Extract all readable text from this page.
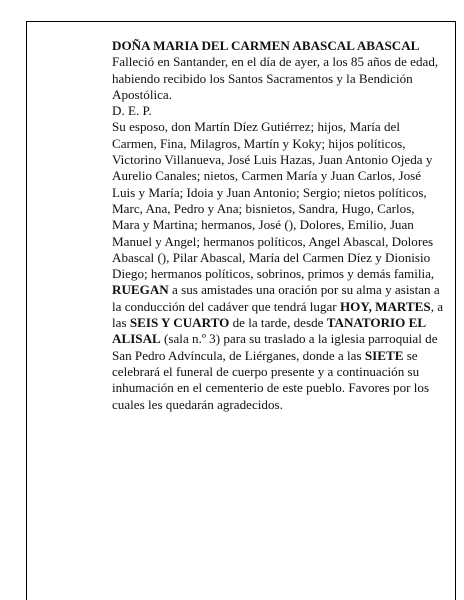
DOÑA MARIA DEL CARMEN ABASCAL ABASCAL

Falleció en Santander, en el día de ayer, a los 85 años de edad,

habiendo recibido los Santos Sacramentos y la Bendición Apostólica.

D. E. P.

Su esposo, don Martín Díez Gutiérrez; hijos, María del Carmen, Fina, Milagros, Martín y Koky; hijos políticos, Victorino Villanueva, José Luis Hazas, Juan Antonio Ojeda y Aurelio Canales; nietos, Carmen María y Juan Carlos, José Luis y María; Idoia y Juan Antonio; Sergio; nietos políticos, Marc, Ana, Pedro y Ana; bisnietos, Sandra, Hugo, Carlos, Mara y Martina; hermanos, José (), Dolores, Emilio, Juan Manuel y Angel; hermanos políticos, Angel Abascal, Dolores Abascal (), Pilar Abascal, María del Carmen Díez y Dionisio Diego; hermanos políticos, sobrinos, primos y demás familia,

RUEGAN a sus amistades una oración por su alma y asistan a la conducción del cadáver que tendrá lugar HOY, MARTES, a las SEIS Y CUARTO de la tarde, desde TANATORIO EL ALISAL (sala n.º 3) para su traslado a la iglesia parroquial de San Pedro Advíncula, de Liérganes, donde a las SIETE se celebrará el funeral de cuerpo presente y a continuación su inhumación en el cementerio de este pueblo. Favores por los cuales les quedarán agradecidos.
